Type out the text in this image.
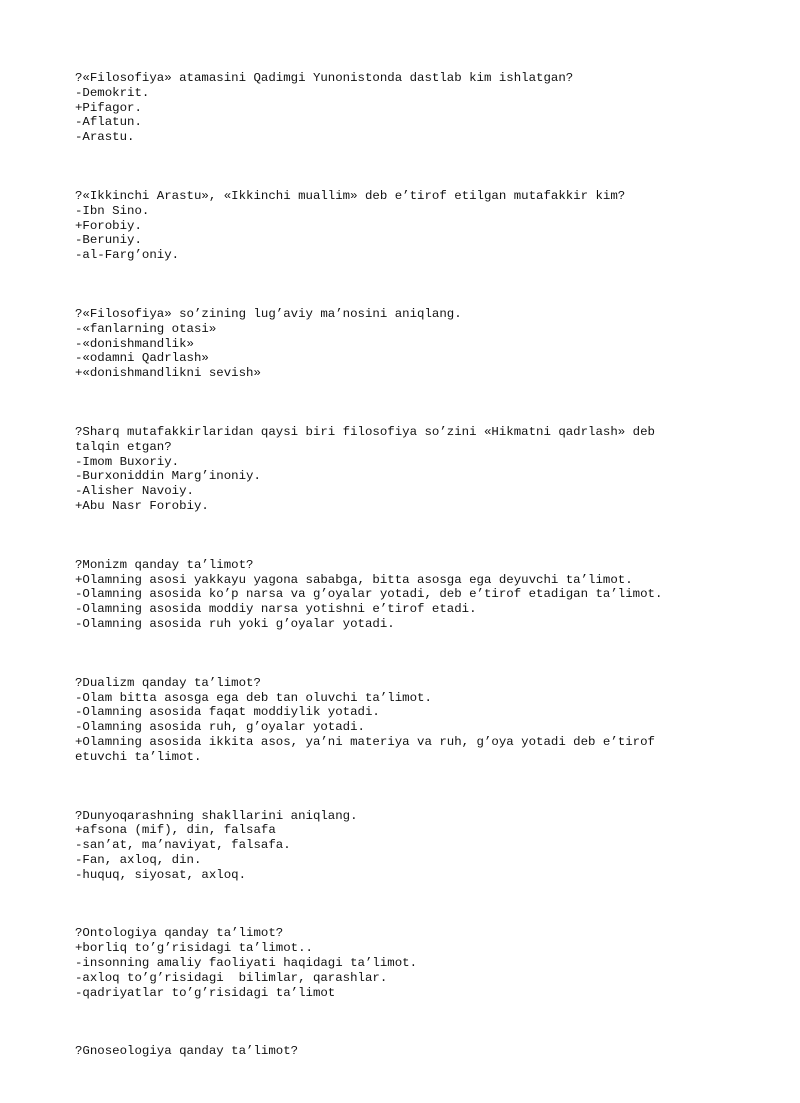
?«Filosofiya» atamasini Qadimgi Yunonistonda dastlab kim ishlatgan?
-Demokrit.
+Pifagor.
-Aflatun.
-Arastu.
?«Ikkinchi Arastu», «Ikkinchi muallim» deb e’tirof etilgan mutafakkir kim?
-Ibn Sino.
+Forobiy.
-Beruniy.
-al-Farg’oniy.
?«Filosofiya» so’zining lug’aviy ma’nosini aniqlang.
-«fanlarning otasi»
-«donishmandlik»
-«odamni Qadrlash»
+«donishmandlikni sevish»
?Sharq mutafakkirlaridan qaysi biri filosofiya so’zini «Hikmatni qadrlash» deb
talqin etgan?
-Imom Buxoriy.
-Burxoniddin Marg’inoniy.
-Alisher Navoiy.
+Abu Nasr Forobiy.
?Monizm qanday ta’limot?
+Olamning asosi yakkayu yagona sababga, bitta asosga ega deyuvchi ta’limot.
-Olamning asosida ko’p narsa va g’oyalar yotadi, deb e’tirof etadigan ta’limot.
-Olamning asosida moddiy narsa yotishni e’tirof etadi.
-Olamning asosida ruh yoki g’oyalar yotadi.
?Dualizm qanday ta’limot?
-Olam bitta asosga ega deb tan oluvchi ta’limot.
-Olamning asosida faqat moddiylik yotadi.
-Olamning asosida ruh, g’oyalar yotadi.
+Olamning asosida ikkita asos, ya’ni materiya va ruh, g’oya yotadi deb e’tirof
etuvchi ta’limot.
?Dunyoqarashning shakllarini aniqlang.
+afsona (mif), din, falsafa
-san’at, ma’naviyat, falsafa.
-Fan, axloq, din.
-huquq, siyosat, axloq.
?Ontologiya qanday ta’limot?
+borliq to’g’risidagi ta’limot..
-insonning amaliy faoliyati haqidagi ta’limot.
-axloq to’g’risidagi  bilimlar, qarashlar.
-qadriyatlar to’g’risidagi ta’limot
?Gnoseologiya qanday ta’limot?
